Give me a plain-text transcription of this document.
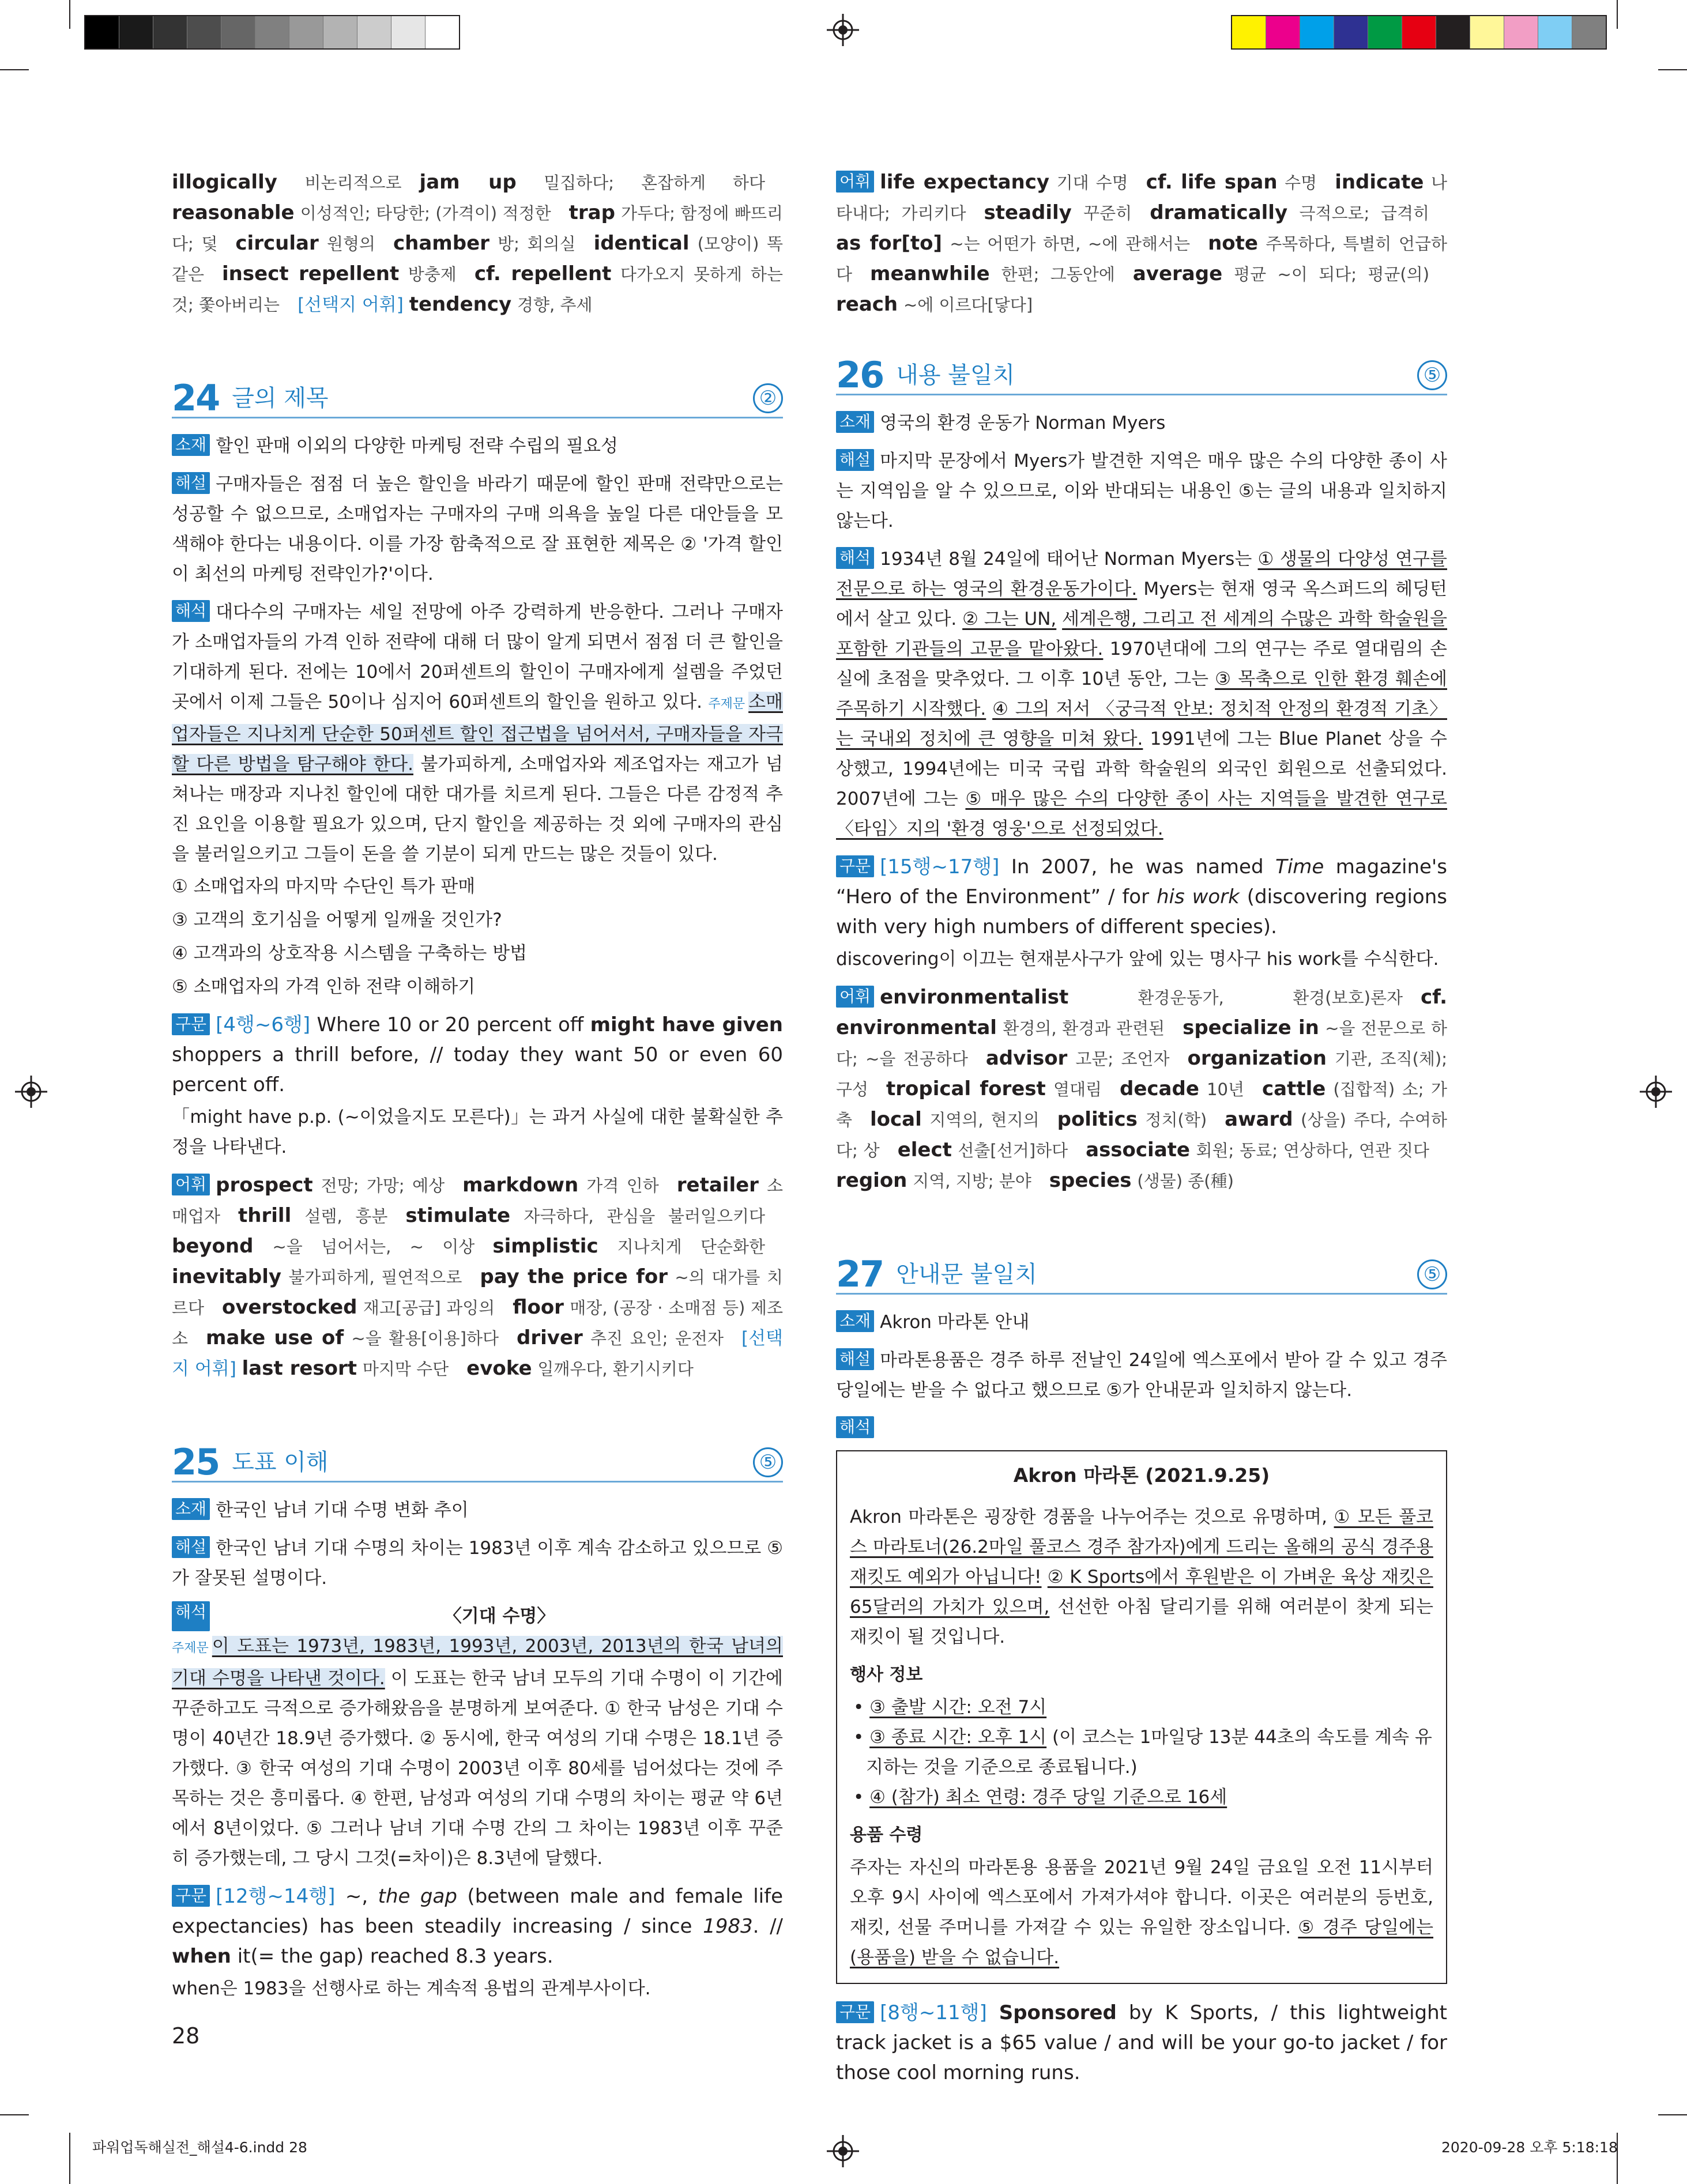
illogically 비논리적으로  jam up 밀집하다; 혼잡하게 하다 reasonable 이성적인; 타당한; (가격이) 적정한  trap 가두다; 함정에 빠뜨리다; 덫  circular 원형의  chamber 방; 회의실  identical (모양이) 똑같은  insect repellent 방충제  cf. repellent 다가오지 못하게 하는 것; 쫓아버리는  [선택지 어휘] tendency 경향, 추세

24 글의 제목	②

소재 할인 판매 이외의 다양한 마케팅 전략 수립의 필요성

해설 구매자들은 점점 더 높은 할인을 바라기 때문에 할인 판매 전략만으로는 성공할 수 없으므로, 소매업자는 구매자의 구매 의욕을 높일 다른 대안들을 모색해야 한다는 내용이다. 이를 가장 함축적으로 잘 표현한 제목은 ② '가격 할인이 최선의 마케팅 전략인가?'이다.

해석 대다수의 구매자는 세일 전망에 아주 강력하게 반응한다. 그러나 구매자가 소매업자들의 가격 인하 전략에 대해 더 많이 알게 되면서 점점 더 큰 할인을 기대하게 된다. 전에는 10에서 20퍼센트의 할인이 구매자에게 설렘을 주었던 곳에서 이제 그들은 50이나 심지어 60퍼센트의 할인을 원하고 있다. 주제문 소매업자들은 지나치게 단순한 50퍼센트 할인 접근법을 넘어서서, 구매자들을 자극할 다른 방법을 탐구해야 한다. 불가피하게, 소매업자와 제조업자는 재고가 넘쳐나는 매장과 지나친 할인에 대한 대가를 치르게 된다. 그들은 다른 감정적 추진 요인을 이용할 필요가 있으며, 단지 할인을 제공하는 것 외에 구매자의 관심을 불러일으키고 그들이 돈을 쓸 기분이 되게 만드는 많은 것들이 있다.

① 소매업자의 마지막 수단인 특가 판매
③ 고객의 호기심을 어떻게 일깨울 것인가?
④ 고객과의 상호작용 시스템을 구축하는 방법
⑤ 소매업자의 가격 인하 전략 이해하기

구문 [4행~6행] Where 10 or 20 percent off might have given shoppers a thrill before, // today they want 50 or even 60 percent off.

「might have p.p. (~이었을지도 모른다)」는 과거 사실에 대한 불확실한 추정을 나타낸다.

어휘 prospect 전망; 가망; 예상  markdown 가격 인하  retailer 소매업자  thrill 설렘, 흥분  stimulate 자극하다, 관심을 불러일으키다 beyond ~을 넘어서는, ~ 이상  simplistic 지나치게 단순화한 inevitably 불가피하게, 필연적으로  pay the price for ~의 대가를 치르다  overstocked 재고[공급] 과잉의  floor 매장, (공장 · 소매점 등) 제조소  make use of ~을 활용[이용]하다  driver 추진 요인; 운전자  [선택지 어휘] last resort 마지막 수단  evoke 일깨우다, 환기시키다

25 도표 이해	⑤

소재 한국인 남녀 기대 수명 변화 추이

해설 한국인 남녀 기대 수명의 차이는 1983년 이후 계속 감소하고 있으므로 ⑤가 잘못된 설명이다.

해석	〈기대 수명〉

주제문 이 도표는 1973년, 1983년, 1993년, 2003년, 2013년의 한국 남녀의 기대 수명을 나타낸 것이다. 이 도표는 한국 남녀 모두의 기대 수명이 이 기간에 꾸준하고도 극적으로 증가해왔음을 분명하게 보여준다. ① 한국 남성은 기대 수명이 40년간 18.9년 증가했다. ② 동시에, 한국 여성의 기대 수명은 18.1년 증가했다. ③ 한국 여성의 기대 수명이 2003년 이후 80세를 넘어섰다는 것에 주목하는 것은 흥미롭다. ④ 한편, 남성과 여성의 기대 수명의 차이는 평균 약 6년에서 8년이었다. ⑤ 그러나 남녀 기대 수명 간의 그 차이는 1983년 이후 꾸준히 증가했는데, 그 당시 그것(=차이)은 8.3년에 달했다.

구문 [12행~14행] ~, the gap (between male and female life expectancies) has been steadily increasing / since 1983. // when it(= the gap) reached 8.3 years.

when은 1983을 선행사로 하는 계속적 용법의 관계부사이다.

어휘 life expectancy 기대 수명  cf. life span 수명  indicate 나타내다; 가리키다  steadily 꾸준히  dramatically 극적으로; 급격히 as for[to] ~는 어떤가 하면, ~에 관해서는  note 주목하다, 특별히 언급하다  meanwhile 한편; 그동안에  average 평균 ~이 되다; 평균(의) reach ~에 이르다[닿다]

26 내용 불일치	⑤

소재 영국의 환경 운동가 Norman Myers

해설 마지막 문장에서 Myers가 발견한 지역은 매우 많은 수의 다양한 종이 사는 지역임을 알 수 있으므로, 이와 반대되는 내용인 ⑤는 글의 내용과 일치하지 않는다.

해석 1934년 8월 24일에 태어난 Norman Myers는 ① 생물의 다양성 연구를 전문으로 하는 영국의 환경운동가이다. Myers는 현재 영국 옥스퍼드의 헤딩턴에서 살고 있다. ② 그는 UN, 세계은행, 그리고 전 세계의 수많은 과학 학술원을 포함한 기관들의 고문을 맡아왔다. 1970년대에 그의 연구는 주로 열대림의 손실에 초점을 맞추었다. 그 이후 10년 동안, 그는 ③ 목축으로 인한 환경 훼손에 주목하기 시작했다. ④ 그의 저서 〈궁극적 안보: 정치적 안정의 환경적 기초〉는 국내외 정치에 큰 영향을 미쳐 왔다. 1991년에 그는 Blue Planet 상을 수상했고, 1994년에는 미국 국립 과학 학술원의 외국인 회원으로 선출되었다. 2007년에 그는 ⑤ 매우 많은 수의 다양한 종이 사는 지역들을 발견한 연구로 〈타임〉지의 '환경 영웅'으로 선정되었다.

구문 [15행~17행] In 2007, he was named Time magazine's “Hero of the Environment” / for his work (discovering regions with very high numbers of different species).

discovering이 이끄는 현재분사구가 앞에 있는 명사구 his work를 수식한다.

어휘 environmentalist	환경운동가, 환경(보호)론자  cf. environmental 환경의, 환경과 관련된  specialize in ~을 전문으로 하다; ~을 전공하다  advisor 고문; 조언자  organization 기관, 조직(체); 구성  tropical forest 열대림  decade 10년  cattle (집합적) 소; 가축  local 지역의, 현지의  politics 정치(학)  award (상을) 주다, 수여하다; 상  elect 선출[선거]하다  associate 회원; 동료; 연상하다, 연관 짓다 region 지역, 지방; 분야  species (생물) 종(種)

27 안내문 불일치	⑤

소재 Akron 마라톤 안내

해설 마라톤용품은 경주 하루 전날인 24일에 엑스포에서 받아 갈 수 있고 경주 당일에는 받을 수 없다고 했으므로 ⑤가 안내문과 일치하지 않는다.

해석
Akron 마라톤 (2021.9.25)

Akron 마라톤은 굉장한 경품을 나누어주는 것으로 유명하며, ① 모든 풀코스 마라토너(26.2마일 풀코스 경주 참가자)에게 드리는 올해의 공식 경주용 재킷도 예외가 아닙니다! ② K Sports에서 후원받은 이 가벼운 육상 재킷은 65달러의 가치가 있으며, 선선한 아침 달리기를 위해 여러분이 찾게 되는 재킷이 될 것입니다.

행사 정보
• ③ 출발 시간: 오전 7시
• ③ 종료 시간: 오후 1시 (이 코스는 1마일당 13분 44초의 속도를 계속 유지하는 것을 기준으로 종료됩니다.)
• ④ (참가) 최소 연령: 경주 당일 기준으로 16세
용품 수령

주자는 자신의 마라톤용 용품을 2021년 9월 24일 금요일 오전 11시부터 오후 9시 사이에 엑스포에서 가져가셔야 합니다. 이곳은 여러분의 등번호, 재킷, 선물 주머니를 가져갈 수 있는 유일한 장소입니다. ⑤ 경주 당일에는 (용품을) 받을 수 없습니다.

구문 [8행~11행] Sponsored by K Sports, / this lightweight track jacket is a $65 value / and will be your go-to jacket / for those cool morning runs.

28
파워업독해실전_해설4-6.indd 28	2020-09-28 오후 5:18:18
